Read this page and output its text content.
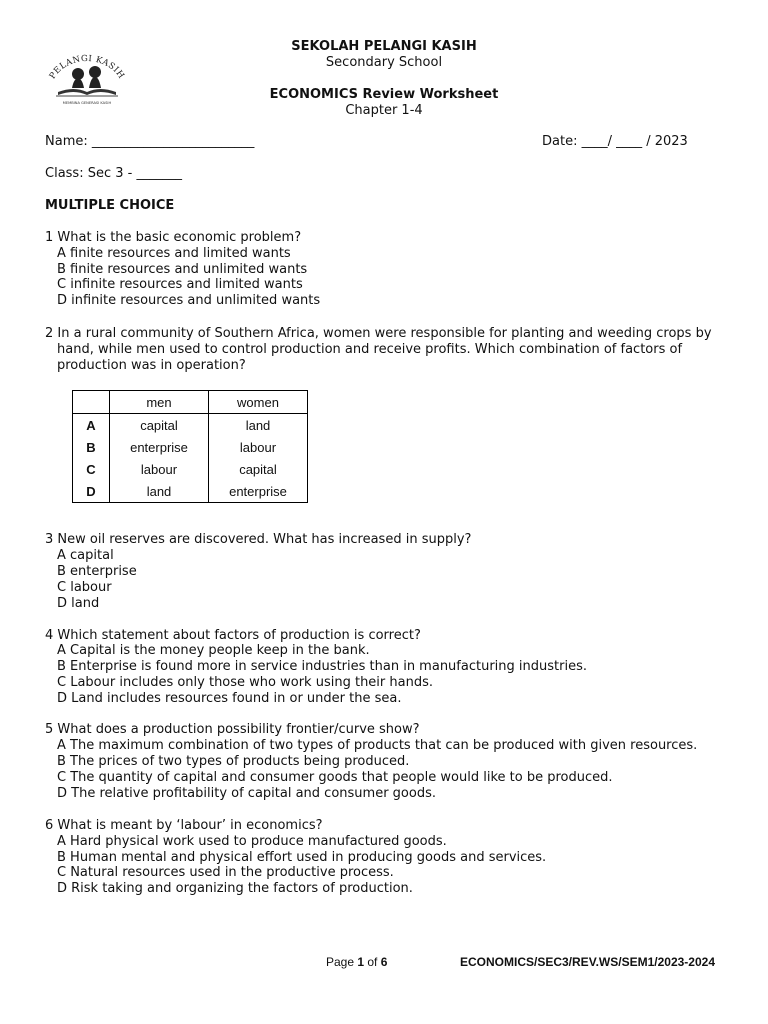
PELANGI KASIH
MEMBINA GENERASI KASIH
SEKOLAH PELANGI KASIH
Secondary School
ECONOMICS Review Worksheet
Chapter 1-4
Name: _________________________	Date: ____/ ____ / 2023
Class: Sec 3 - _______
MULTIPLE CHOICE
1 What is the basic economic problem?
A finite resources and limited wants
B finite resources and unlimited wants
C infinite resources and limited wants
D infinite resources and unlimited wants
2 In a rural community of Southern Africa, women were responsible for planting and weeding crops by hand, while men used to control production and receive profits. Which combination of factors of production was in operation?
	men	women
A	capital	land
B	enterprise	labour
C	labour	capital
D	land	enterprise
3 New oil reserves are discovered. What has increased in supply?
A capital
B enterprise
C labour
D land
4 Which statement about factors of production is correct?
A Capital is the money people keep in the bank.
B Enterprise is found more in service industries than in manufacturing industries.
C Labour includes only those who work using their hands.
D Land includes resources found in or under the sea.
5 What does a production possibility frontier/curve show?
A The maximum combination of two types of products that can be produced with given resources.
B The prices of two types of products being produced.
C The quantity of capital and consumer goods that people would like to be produced.
D The relative profitability of capital and consumer goods.
6 What is meant by ‘labour’ in economics?
A Hard physical work used to produce manufactured goods.
B Human mental and physical effort used in producing goods and services.
C Natural resources used in the productive process.
D Risk taking and organizing the factors of production.
Page 1 of 6	ECONOMICS/SEC3/REV.WS/SEM1/2023-2024
